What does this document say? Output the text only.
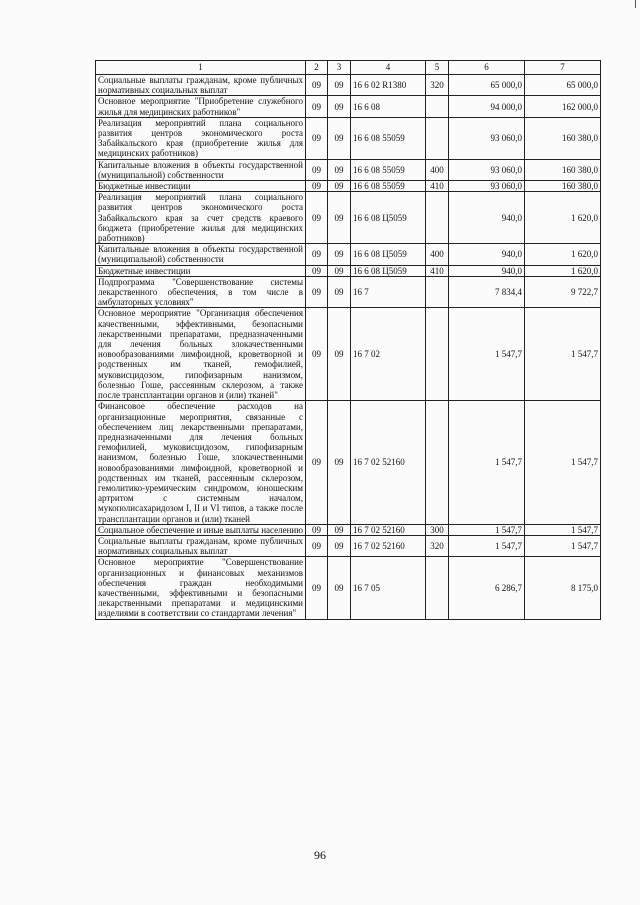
1	2	3	4	5	6	7
Социальные выплаты гражданам, кроме публичных нормативных социальных выплат	09	09	16 6 02 R1380	320	65 000,0	65 000,0
Основное мероприятие "Приобретение служебного жилья для медицинских работников"	09	09	16 6 08		94 000,0	162 000,0
Реализация мероприятий плана социального развития центров экономического роста Забайкальского края (приобретение жилья для медицинских работников)	09	09	16 6 08 55059		93 060,0	160 380,0
Капитальные вложения в объекты государственной (муниципальной) собственности	09	09	16 6 08 55059	400	93 060,0	160 380,0
Бюджетные инвестиции	09	09	16 6 08 55059	410	93 060,0	160 380,0
Реализация мероприятий плана социального развития центров экономического роста Забайкальского края за счет средств краевого бюджета (приобретение жилья для медицинских работников)	09	09	16 6 08 Ц5059		940,0	1 620,0
Капитальные вложения в объекты государственной (муниципальной) собственности	09	09	16 6 08 Ц5059	400	940,0	1 620,0
Бюджетные инвестиции	09	09	16 6 08 Ц5059	410	940,0	1 620,0
Подпрограмма "Совершенствование системы лекарственного обеспечения, в том числе в амбулаторных условиях"	09	09	16 7		7 834,4	9 722,7
Основное мероприятие "Организация обеспечения качественными, эффективными, безопасными лекарственными препаратами, предназначенными для лечения больных злокачественными новообразованиями лимфоидной, кроветворной и родственных им тканей, гемофилией, муковисцидозом, гипофизарным нанизмом, болезнью Гоше, рассеянным склерозом, а также после трансплантации органов и (или) тканей"	09	09	16 7 02		1 547,7	1 547,7
Финансовое обеспечение расходов на организационные мероприятия, связанные с обеспечением лиц лекарственными препаратами, предназначенными для лечения больных гемофилией, муковисцидозом, гипофизарным нанизмом, болезнью Гоше, злокачественными новообразованиями лимфоидной, кроветворной и родственных им тканей, рассеянным склерозом, гемолитико-уремическим синдромом, юношеским артритом с системным началом, мукополисахаридозом I, II и VI типов, а также после трансплантации органов и (или) тканей	09	09	16 7 02 52160		1 547,7	1 547,7
Социальное обеспечение и иные выплаты населению	09	09	16 7 02 52160	300	1 547,7	1 547,7
Социальные выплаты гражданам, кроме публичных нормативных социальных выплат	09	09	16 7 02 52160	320	1 547,7	1 547,7
Основное мероприятие "Совершенствование организационных и финансовых механизмов обеспечения граждан необходимыми качественными, эффективными и безопасными лекарственными препаратами и медицинскими изделиями в соответствии со стандартами лечения"	09	09	16 7 05		6 286,7	8 175,0
96
